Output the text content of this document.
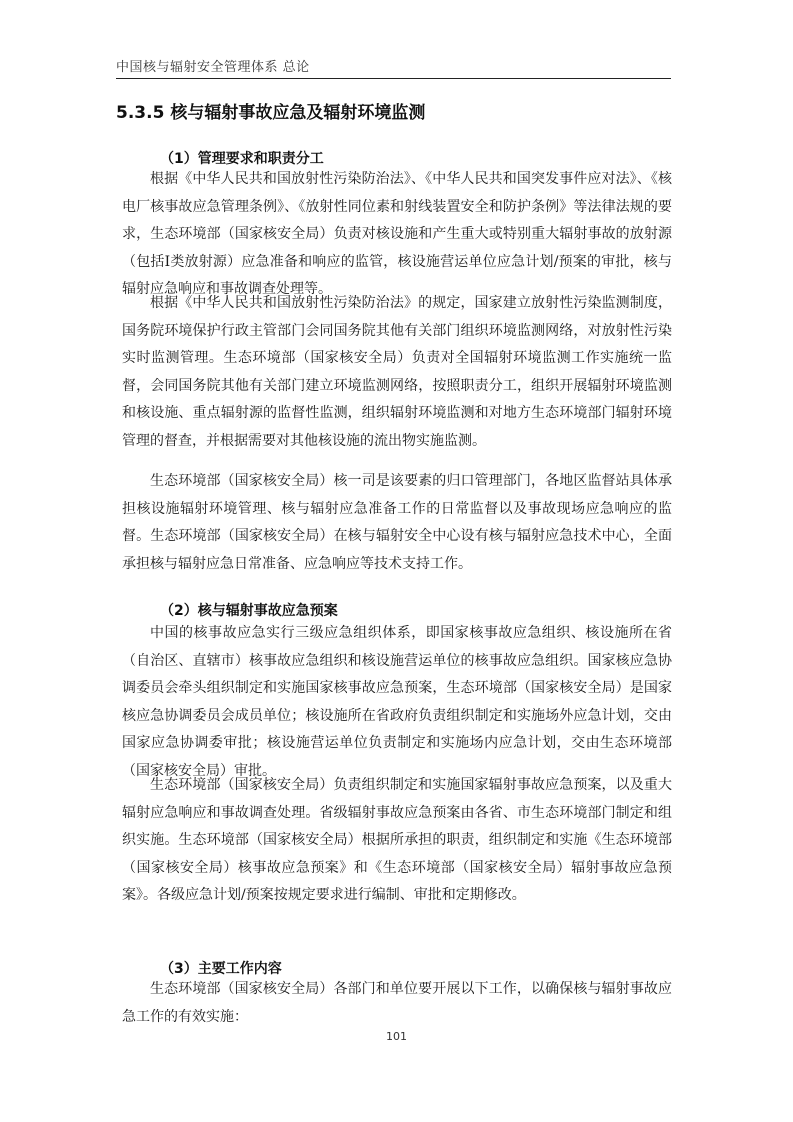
中国核与辐射安全管理体系 总论
5.3.5 核与辐射事故应急及辐射环境监测
（1）管理要求和职责分工

根据《中华人民共和国放射性污染防治法》、《中华人民共和国突发事件应对法》、《核电厂核事故应急管理条例》、《放射性同位素和射线装置安全和防护条例》等法律法规的要求，生态环境部（国家核安全局）负责对核设施和产生重大或特别重大辐射事故的放射源（包括Ⅰ类放射源）应急准备和响应的监管，核设施营运单位应急计划/预案的审批，核与辐射应急响应和事故调查处理等。

根据《中华人民共和国放射性污染防治法》的规定，国家建立放射性污染监测制度，国务院环境保护行政主管部门会同国务院其他有关部门组织环境监测网络，对放射性污染实时监测管理。生态环境部（国家核安全局）负责对全国辐射环境监测工作实施统一监督，会同国务院其他有关部门建立环境监测网络，按照职责分工，组织开展辐射环境监测和核设施、重点辐射源的监督性监测，组织辐射环境监测和对地方生态环境部门辐射环境管理的督查，并根据需要对其他核设施的流出物实施监测。

生态环境部（国家核安全局）核一司是该要素的归口管理部门，各地区监督站具体承担核设施辐射环境管理、核与辐射应急准备工作的日常监督以及事故现场应急响应的监督。生态环境部（国家核安全局）在核与辐射安全中心设有核与辐射应急技术中心，全面承担核与辐射应急日常准备、应急响应等技术支持工作。

（2）核与辐射事故应急预案

中国的核事故应急实行三级应急组织体系，即国家核事故应急组织、核设施所在省（自治区、直辖市）核事故应急组织和核设施营运单位的核事故应急组织。国家核应急协调委员会牵头组织制定和实施国家核事故应急预案，生态环境部（国家核安全局）是国家核应急协调委员会成员单位；核设施所在省政府负责组织制定和实施场外应急计划，交由国家应急协调委审批；核设施营运单位负责制定和实施场内应急计划，交由生态环境部（国家核安全局）审批。

生态环境部（国家核安全局）负责组织制定和实施国家辐射事故应急预案，以及重大辐射应急响应和事故调查处理。省级辐射事故应急预案由各省、市生态环境部门制定和组织实施。生态环境部（国家核安全局）根据所承担的职责，组织制定和实施《生态环境部（国家核安全局）核事故应急预案》和《生态环境部（国家核安全局）辐射事故应急预案》。各级应急计划/预案按规定要求进行编制、审批和定期修改。

（3）主要工作内容

生态环境部（国家核安全局）各部门和单位要开展以下工作，以确保核与辐射事故应急工作的有效实施：

101
